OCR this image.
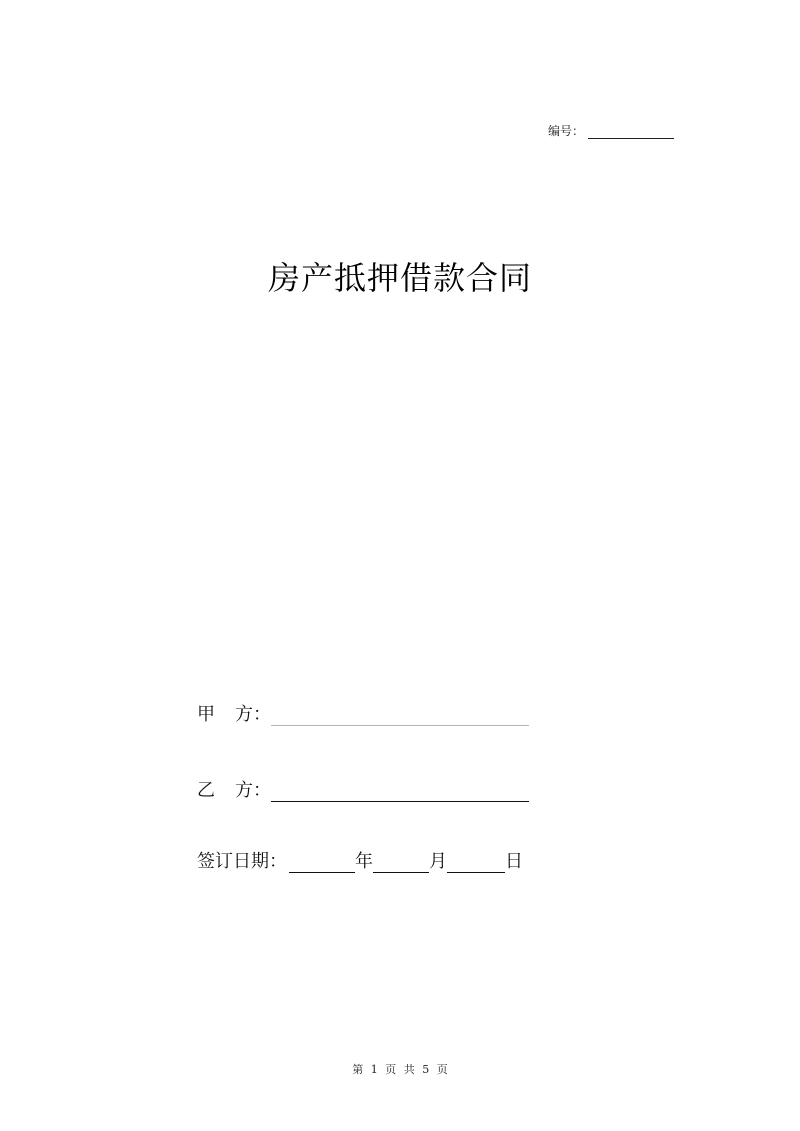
编号：
房产抵押借款合同
甲 方 ：
乙 方 ：
签订日期：	年	月	日
第 1 页 共 5 页
